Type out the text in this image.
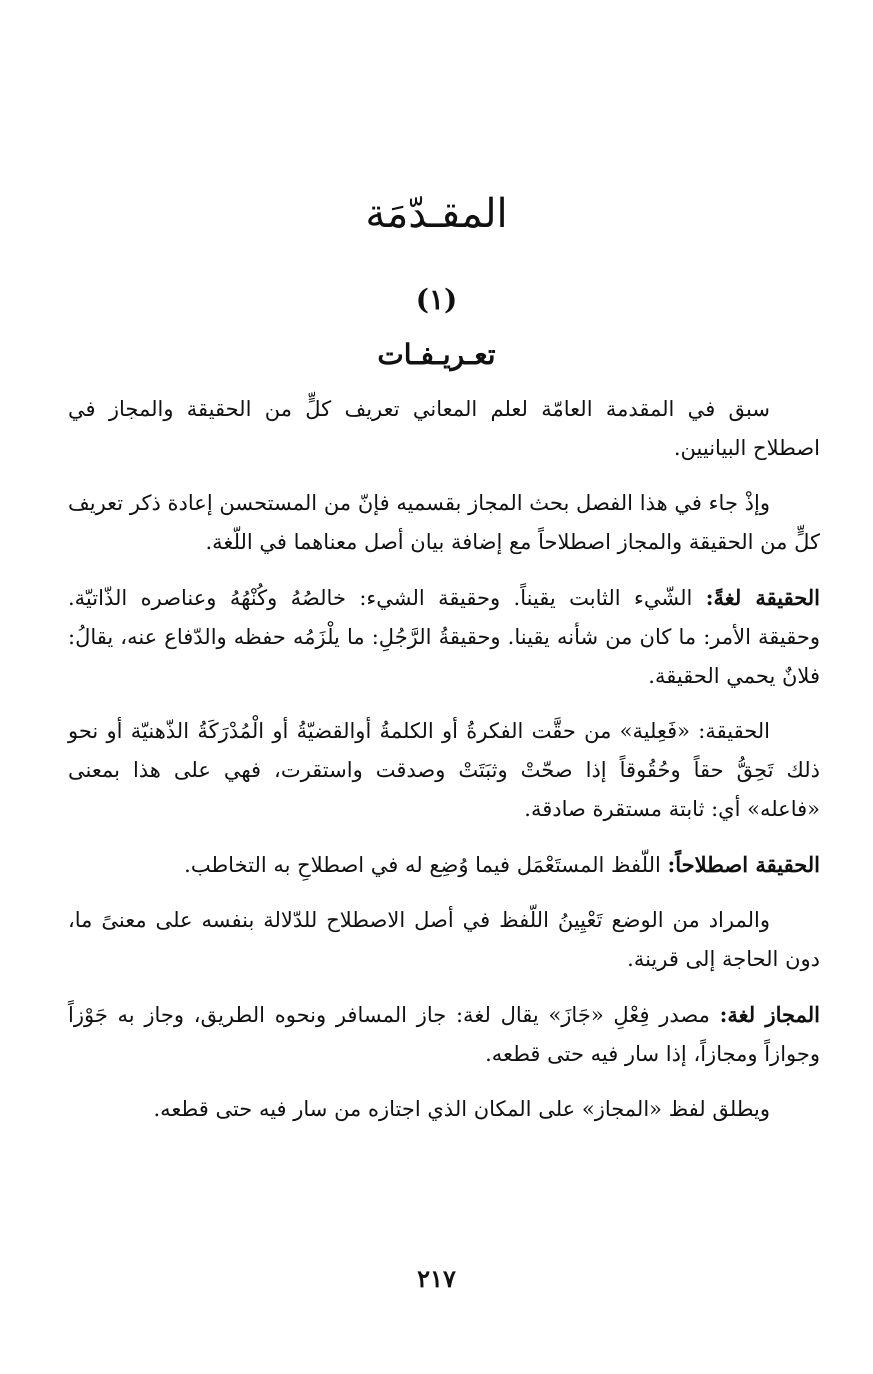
المقـدّمَة
(١)
تعـريـفـات

سبق في المقدمة العامّة لعلم المعاني تعريف كلٍّ من الحقيقة والمجاز في اصطلاح البيانيين.

وإذْ جاء في هذا الفصل بحث المجاز بقسميه فإنّ من المستحسن إعادة ذكر تعريف كلٍّ من الحقيقة والمجاز اصطلاحاً مع إضافة بيان أصل معناهما في اللّغة.

الحقيقة لغةً: الشّيء الثابت يقيناً. وحقيقة الشيء: خالصُهُ وكُنْهُهُ وعناصره الذّاتيّة. وحقيقة الأمر: ما كان من شأنه يقينا. وحقيقةُ الرَّجُلِ: ما يلْزَمُه حفظه والدّفاع عنه، يقالُ: فلانٌ يحمي الحقيقة.

الحقيقة: «فَعِلية» من حقَّت الفكرةُ أو الكلمةُ أوالقضيّةُ أو الْمُدْرَكَةُ الذّهنيّة أو نحو ذلك تَحِقُّ حقاً وحُقُوقاً إذا صحّتْ وثبَتَتْ وصدقت واستقرت، فهي على هذا بمعنى «فاعله» أي: ثابتة مستقرة صادقة.

الحقيقة اصطلاحاً: اللّفظ المستَعْمَل فيما وُضِع له في اصطلاحِ به التخاطب.

والمراد من الوضع تَعْيِينُ اللّفظ في أصل الاصطلاح للدّلالة بنفسه على معنىً ما، دون الحاجة إلى قرينة.

المجاز لغة: مصدر فِعْلِ «جَازَ» يقال لغة: جاز المسافر ونحوه الطريق، وجاز به جَوْزاً وجوازاً ومجازاً، إذا سار فيه حتى قطعه.

ويطلق لفظ «المجاز» على المكان الذي اجتازه من سار فيه حتى قطعه.

٢١٧
